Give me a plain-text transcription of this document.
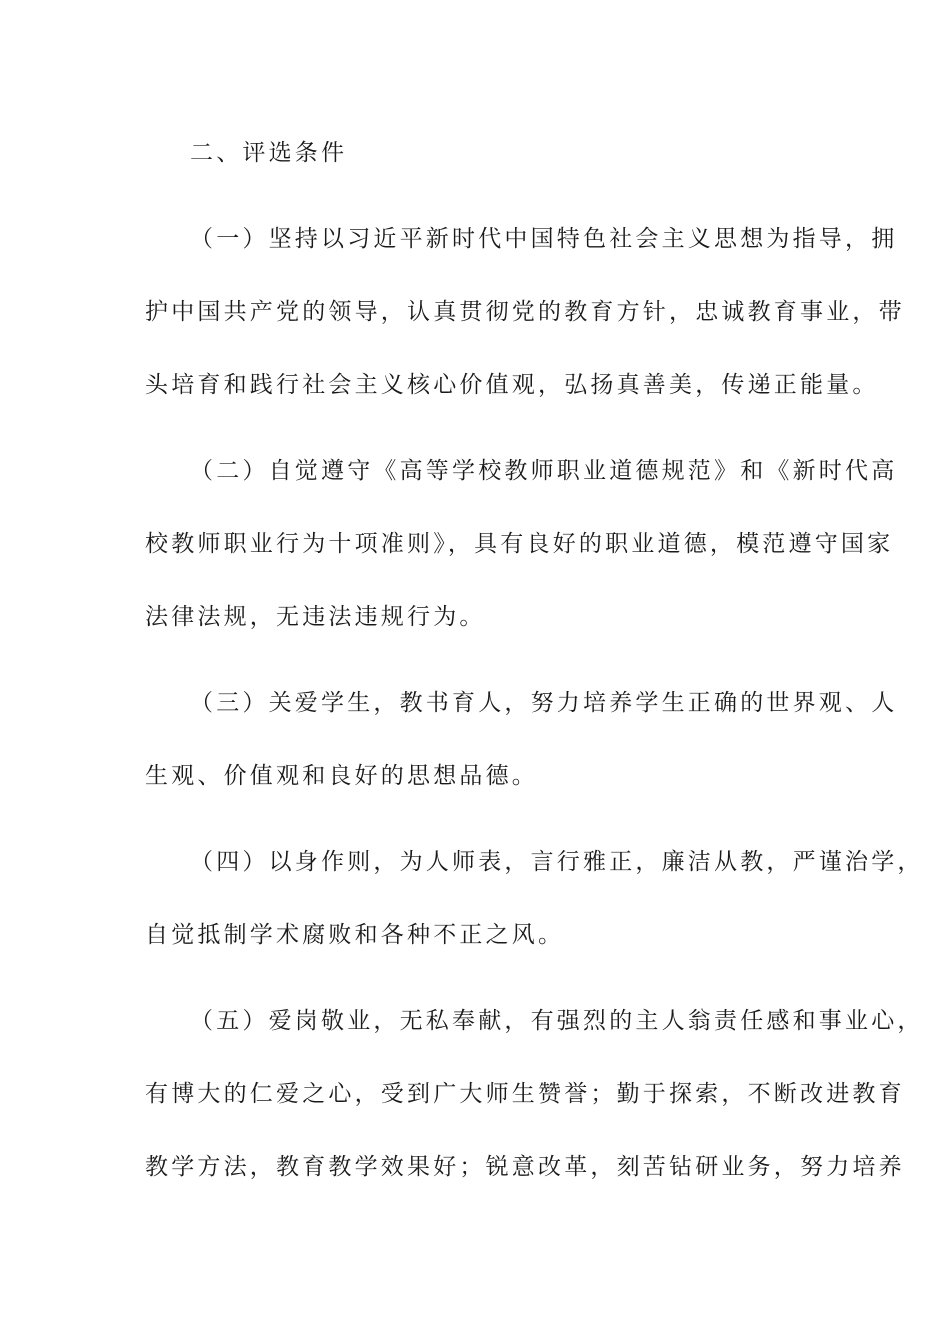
二、评选条件
（一）坚持以习近平新时代中国特色社会主义思想为指导，拥
护中国共产党的领导，认真贯彻党的教育方针，忠诚教育事业，带
头培育和践行社会主义核心价值观，弘扬真善美，传递正能量。
（二）自觉遵守《高等学校教师职业道德规范》和《新时代高
校教师职业行为十项准则》，具有良好的职业道德，模范遵守国家
法律法规，无违法违规行为。
（三）关爱学生，教书育人，努力培养学生正确的世界观、人
生观、价值观和良好的思想品德。
（四）以身作则，为人师表，言行雅正，廉洁从教，严谨治学，
自觉抵制学术腐败和各种不正之风。
（五）爱岗敬业，无私奉献，有强烈的主人翁责任感和事业心，
有博大的仁爱之心，受到广大师生赞誉；勤于探索，不断改进教育
教学方法，教育教学效果好；锐意改革，刻苦钻研业务，努力培养
